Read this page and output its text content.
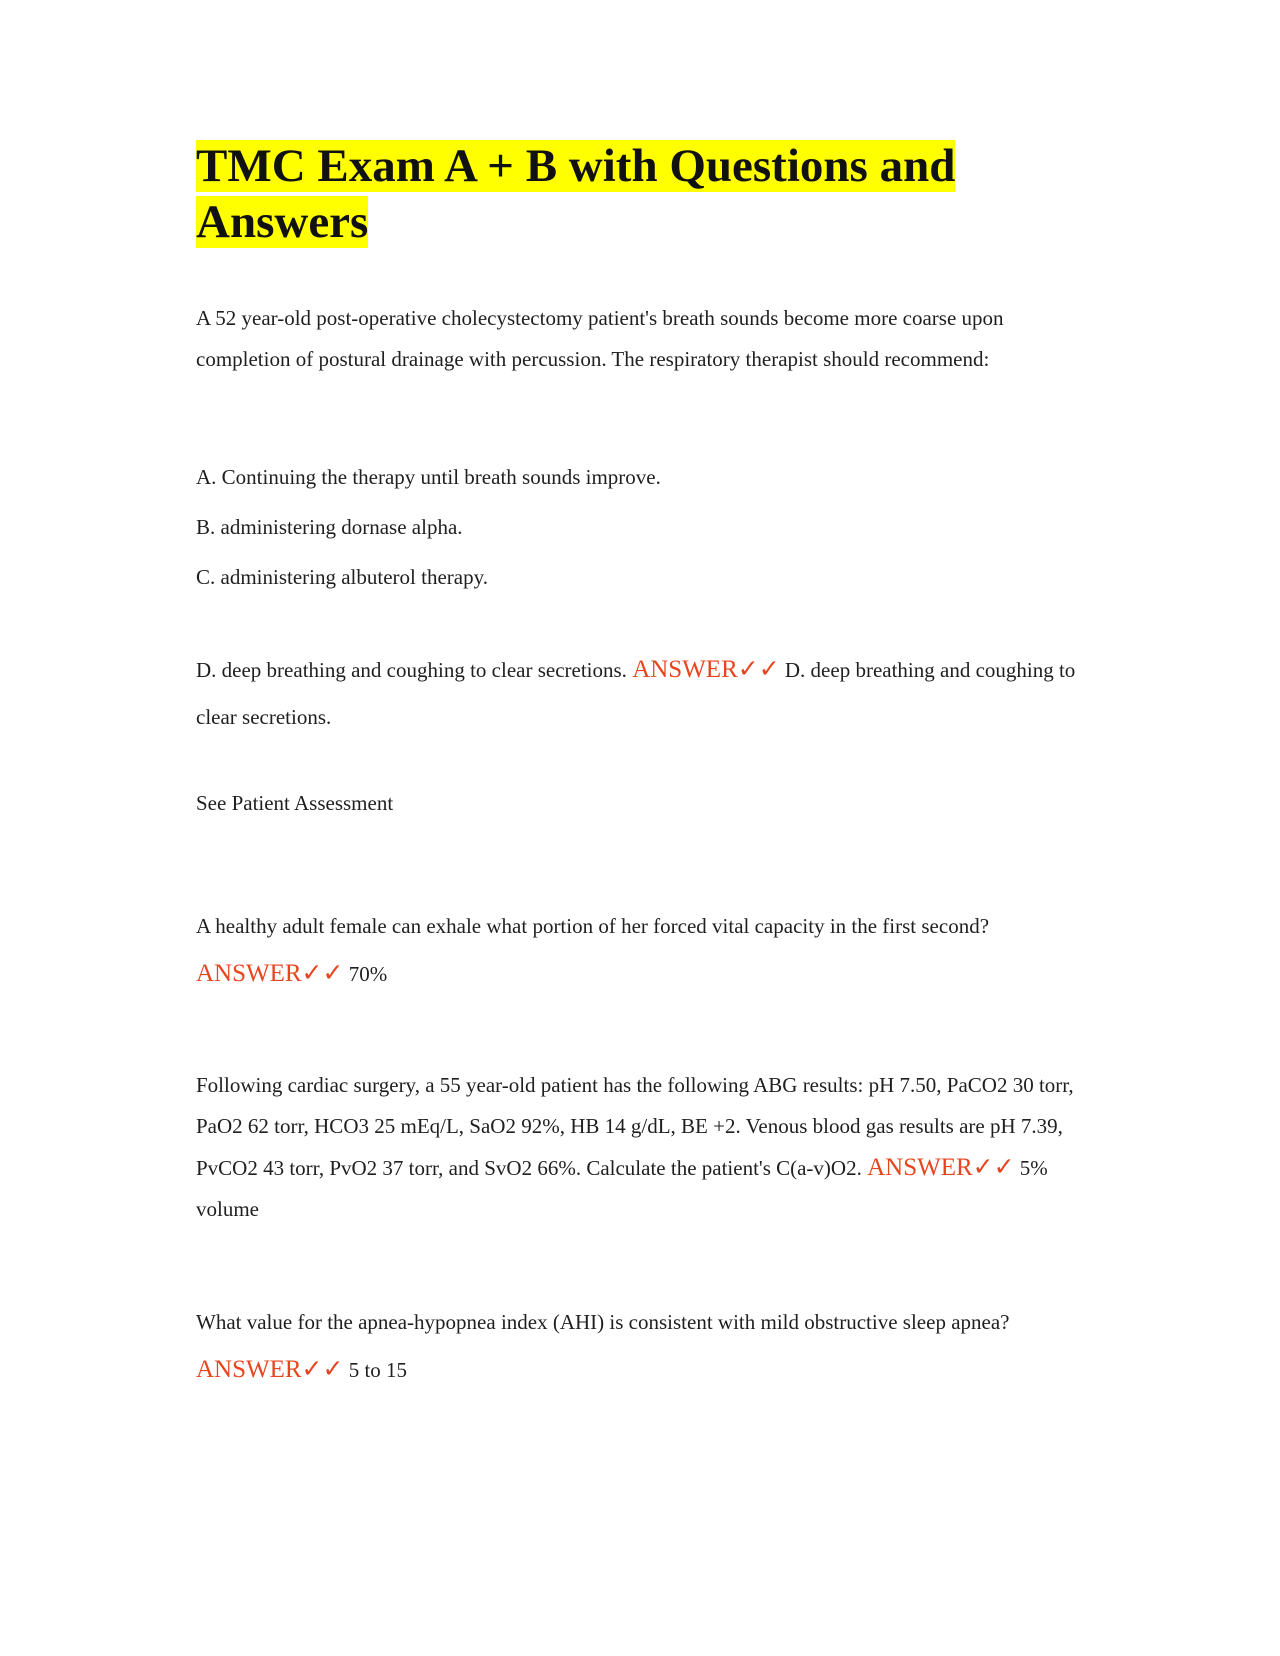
TMC Exam A + B with Questions and Answers

A 52 year-old post-operative cholecystectomy patient's breath sounds become more coarse upon completion of postural drainage with percussion. The respiratory therapist should recommend:

A. Continuing the therapy until breath sounds improve.
B. administering dornase alpha.
C. administering albuterol therapy.

D. deep breathing and coughing to clear secretions. ANSWER✓✓ D. deep breathing and coughing to clear secretions.

See Patient Assessment

A healthy adult female can exhale what portion of her forced vital capacity in the first second? ANSWER✓✓ 70%

Following cardiac surgery, a 55 year-old patient has the following ABG results: pH 7.50, PaCO2 30 torr, PaO2 62 torr, HCO3 25 mEq/L, SaO2 92%, HB 14 g/dL, BE +2. Venous blood gas results are pH 7.39, PvCO2 43 torr, PvO2 37 torr, and SvO2 66%. Calculate the patient's C(a-v)O2. ANSWER✓✓ 5% volume

What value for the apnea-hypopnea index (AHI) is consistent with mild obstructive sleep apnea? ANSWER✓✓ 5 to 15
